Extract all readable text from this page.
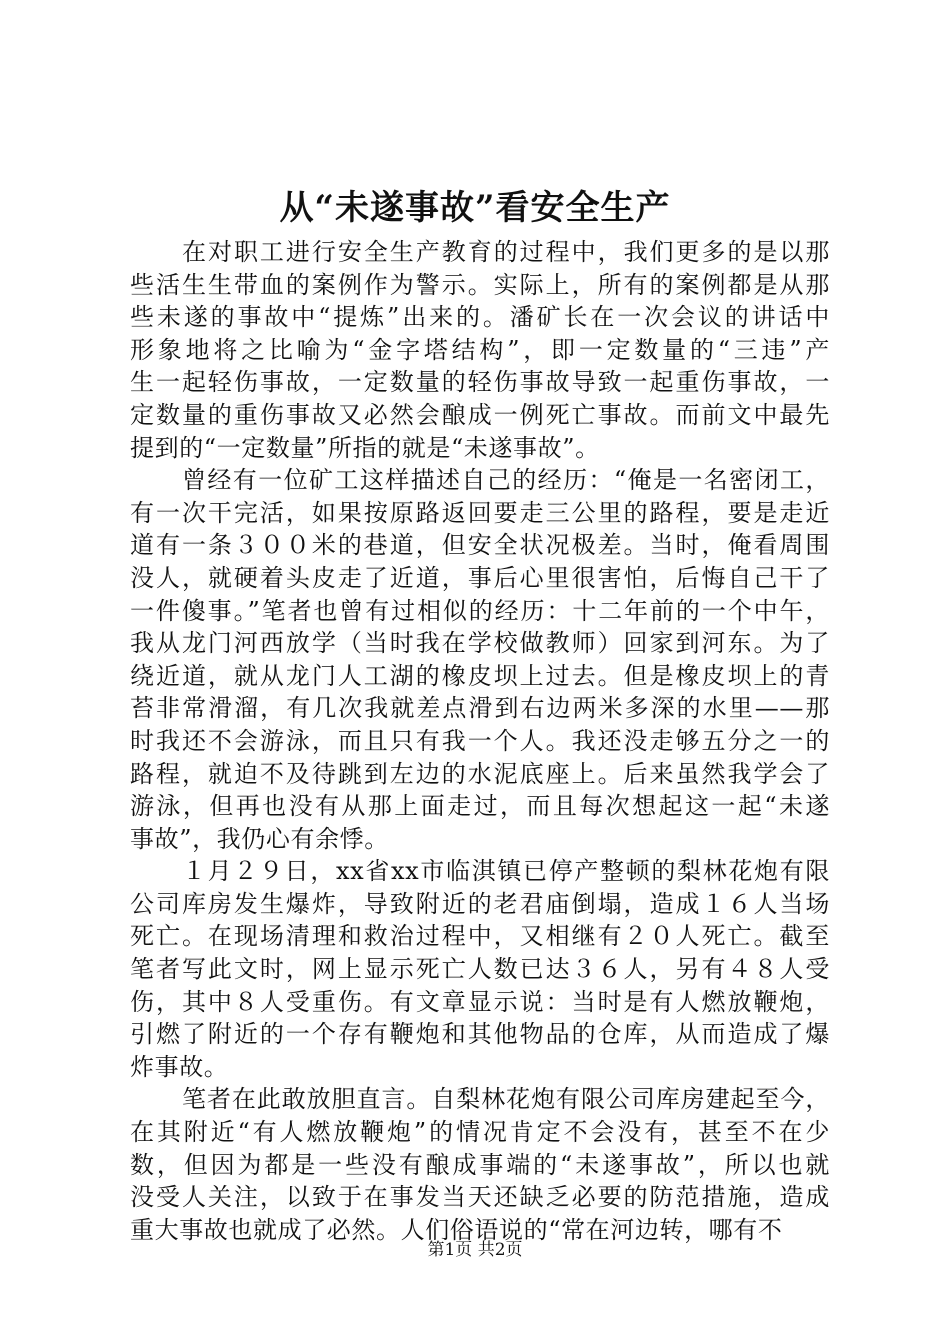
从“未遂事故”看安全生产
在对职工进行安全生产教育的过程中，我们更多的是以那
些活生生带血的案例作为警示。实际上，所有的案例都是从那
些未遂的事故中“提炼”出来的。潘矿长在一次会议的讲话中
形象地将之比喻为“金字塔结构”，即一定数量的“三违”产
生一起轻伤事故，一定数量的轻伤事故导致一起重伤事故，一
定数量的重伤事故又必然会酿成一例死亡事故。而前文中最先
提到的“一定数量”所指的就是“未遂事故”。
曾经有一位矿工这样描述自己的经历：“俺是一名密闭工，
有一次干完活，如果按原路返回要走三公里的路程，要是走近
道有一条３００米的巷道，但安全状况极差。当时，俺看周围
没人，就硬着头皮走了近道，事后心里很害怕，后悔自己干了
一件傻事。”笔者也曾有过相似的经历：十二年前的一个中午，
我从龙门河西放学（当时我在学校做教师）回家到河东。为了
绕近道，就从龙门人工湖的橡皮坝上过去。但是橡皮坝上的青
苔非常滑溜，有几次我就差点滑到右边两米多深的水里——那
时我还不会游泳，而且只有我一个人。我还没走够五分之一的
路程，就迫不及待跳到左边的水泥底座上。后来虽然我学会了
游泳，但再也没有从那上面走过，而且每次想起这一起“未遂
事故”，我仍心有余悸。
１月２９日，xx省xx市临淇镇已停产整顿的梨林花炮有限
公司库房发生爆炸，导致附近的老君庙倒塌，造成１６人当场
死亡。在现场清理和救治过程中，又相继有２０人死亡。截至
笔者写此文时，网上显示死亡人数已达３６人，另有４８人受
伤，其中８人受重伤。有文章显示说：当时是有人燃放鞭炮，
引燃了附近的一个存有鞭炮和其他物品的仓库，从而造成了爆
炸事故。
笔者在此敢放胆直言。自梨林花炮有限公司库房建起至今，
在其附近“有人燃放鞭炮”的情况肯定不会没有，甚至不在少
数，但因为都是一些没有酿成事端的“未遂事故”，所以也就
没受人关注，以致于在事发当天还缺乏必要的防范措施，造成
重大事故也就成了必然。人们俗语说的“常在河边转，哪有不
第1页 共2页
